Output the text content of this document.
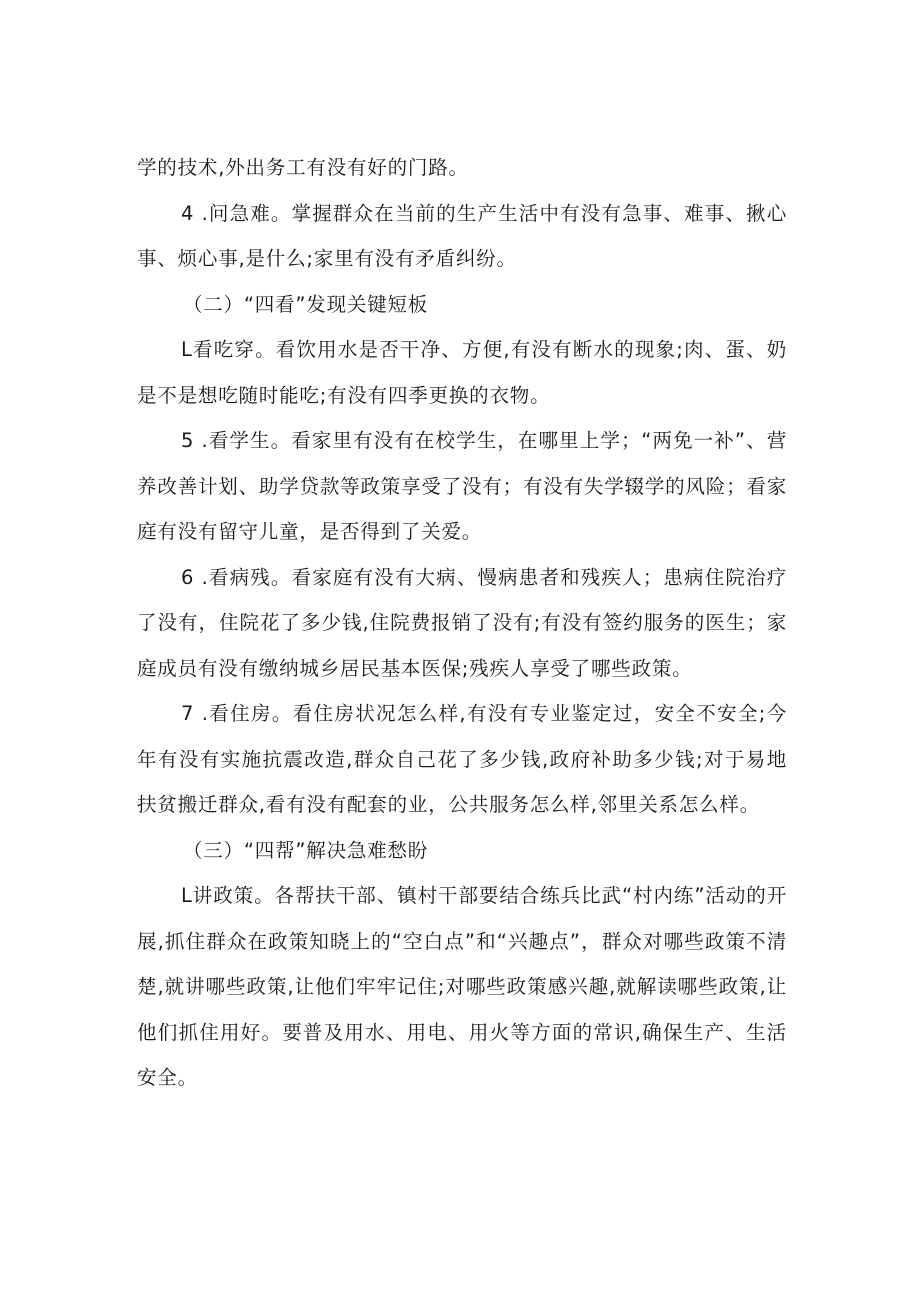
学的技术,外出务工有没有好的门路。

4 .问急难。掌握群众在当前的生产生活中有没有急事、难事、揪心事、烦心事,是什么;家里有没有矛盾纠纷。

（二）“四看”发现关键短板

L看吃穿。看饮用水是否干净、方便,有没有断水的现象;肉、蛋、奶是不是想吃随时能吃;有没有四季更换的衣物。

5 .看学生。看家里有没有在校学生，在哪里上学；“两免一补”、营养改善计划、助学贷款等政策享受了没有；有没有失学辍学的风险；看家庭有没有留守儿童，是否得到了关爱。

6 .看病残。看家庭有没有大病、慢病患者和残疾人；患病住院治疗了没有，住院花了多少钱,住院费报销了没有;有没有签约服务的医生；家庭成员有没有缴纳城乡居民基本医保;残疾人享受了哪些政策。

7 .看住房。看住房状况怎么样,有没有专业鉴定过，安全不安全;今年有没有实施抗震改造,群众自己花了多少钱,政府补助多少钱;对于易地扶贫搬迁群众,看有没有配套的业，公共服务怎么样,邻里关系怎么样。

（三）“四帮”解决急难愁盼

L讲政策。各帮扶干部、镇村干部要结合练兵比武“村内练”活动的开展,抓住群众在政策知晓上的“空白点”和“兴趣点”，群众对哪些政策不清楚,就讲哪些政策,让他们牢牢记住;对哪些政策感兴趣,就解读哪些政策,让他们抓住用好。要普及用水、用电、用火等方面的常识,确保生产、生活安全。
